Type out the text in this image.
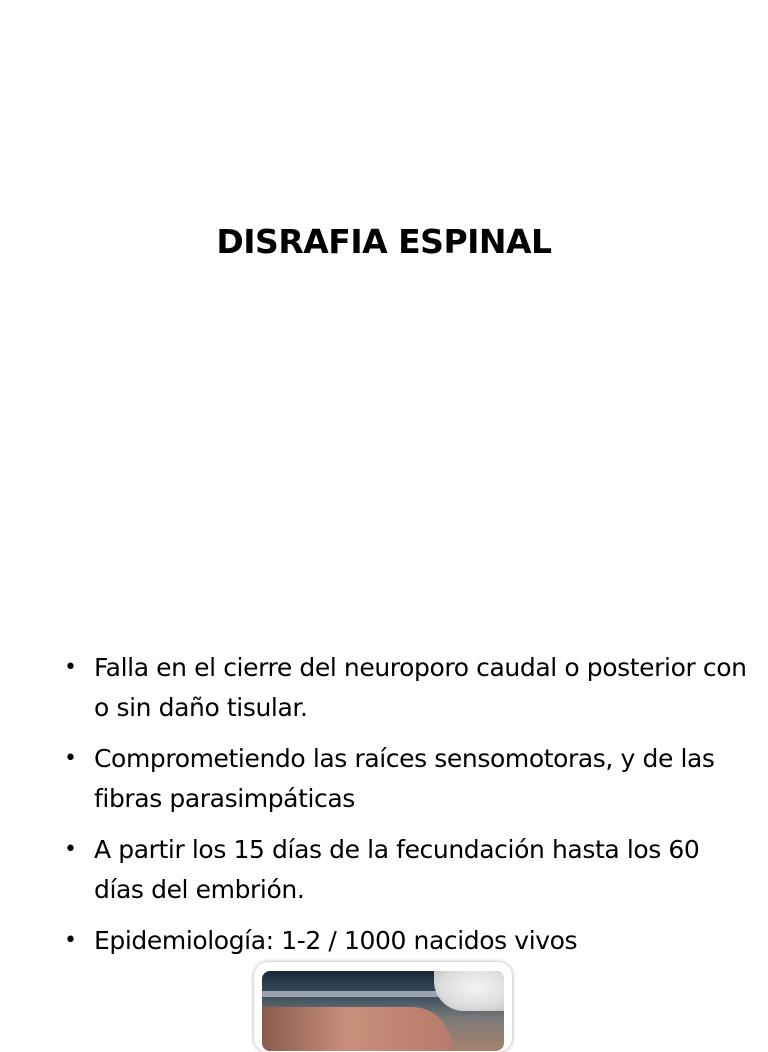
DISRAFIA ESPINAL
• Falla en el cierre del neuroporo caudal o posterior con o sin daño tisular.
• Comprometiendo las raíces sensomotoras, y de las fibras parasimpáticas
• A partir los 15 días de la fecundación hasta los 60 días del embrión.
• Epidemiología: 1-2 / 1000 nacidos vivos
